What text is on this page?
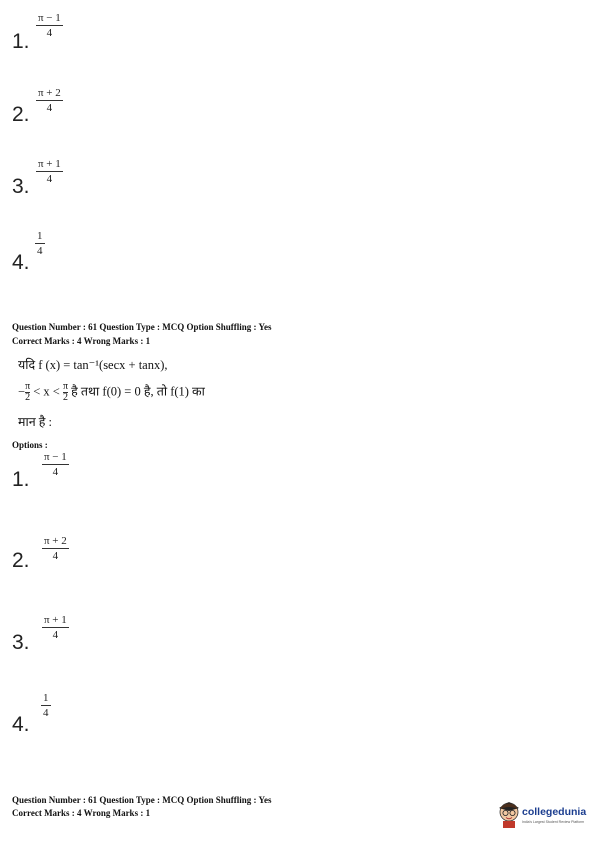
1.
π − 1
4
2.
π + 2
4
3.
π + 1
4
4.
1
4
Question Number : 61 Question Type : MCQ Option Shuffling : Yes
Correct Marks : 4 Wrong Marks : 1
यदि f (x) = tan⁻¹(secx + tanx),
$-\frac{\pi}{2} < x < \frac{\pi}{2}$ है तथा f(0) = 0 है, तो f(1) का
मान है :
Options :
1.
π − 1
4
2.
π + 2
4
3.
π + 1
4
4.
1
4
Question Number : 61 Question Type : MCQ Option Shuffling : Yes
Correct Marks : 4 Wrong Marks : 1	collegedunia
India's Largest Student Review Platform
